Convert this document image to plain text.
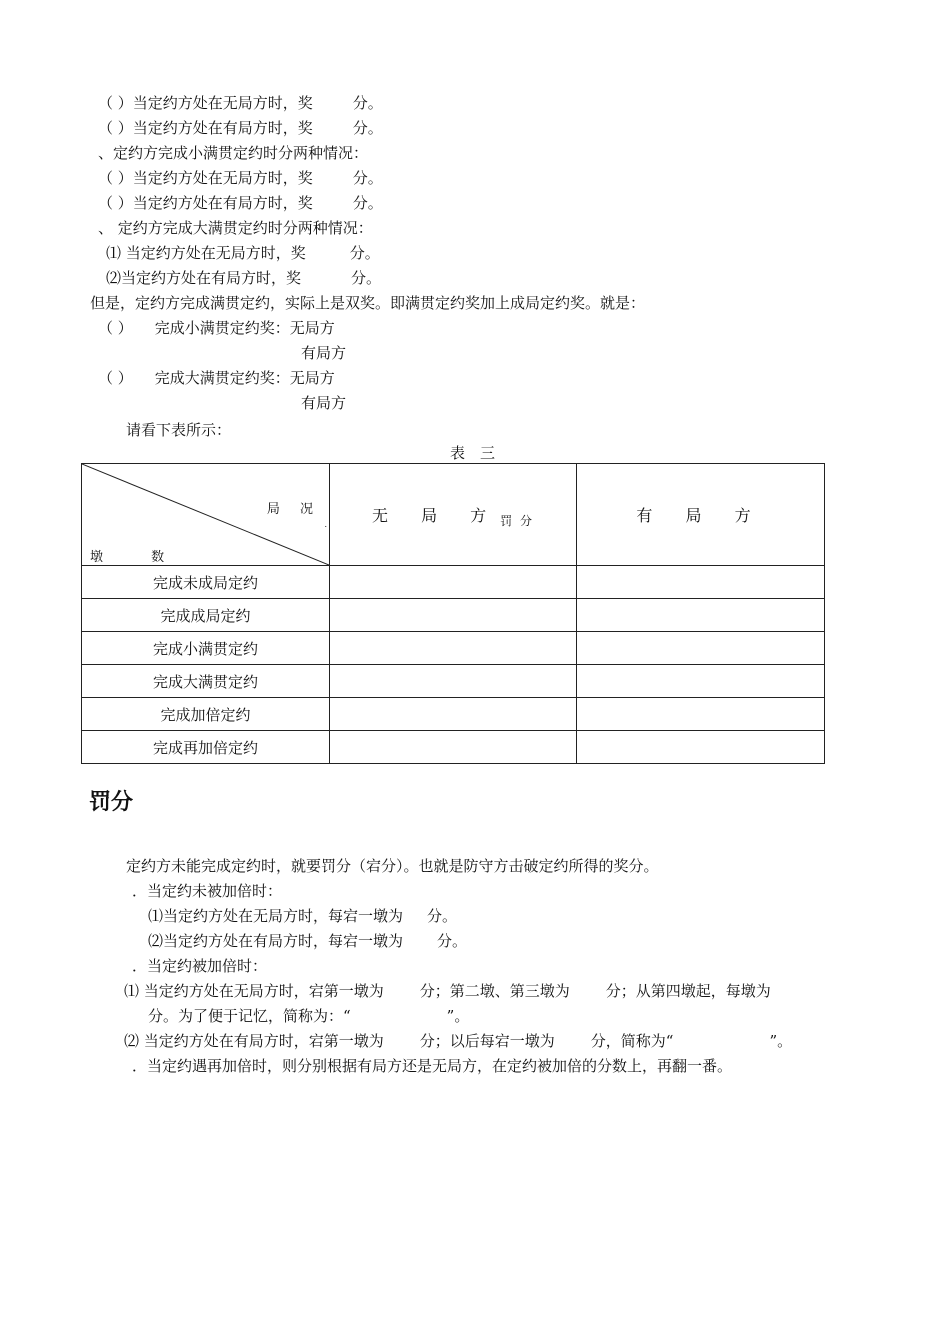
（ ）当定约方处在无局方时，奖	分。
（ ）当定约方处在有局方时，奖	分。
、定约方完成小满贯定约时分两种情况：
（ ）当定约方处在无局方时，奖	分。
（ ）当定约方处在有局方时，奖	分。
、 定约方完成大满贯定约时分两种情况：
⑴ 当定约方处在无局方时，奖	分。
⑵当定约方处在有局方时，奖	分。
但是，定约方完成满贯定约，实际上是双奖。即满贯定约奖加上成局定约奖。就是：
（ ） 完成小满贯定约奖：无局方
有局方
（ ） 完成大满贯定约奖：无局方
有局方
请看下表所示：
表　三
局 况
.
墩 数	无 局 方$_{罚 分}$	有 局 方
完成未成局定约		
完成成局定约		
完成小满贯定约		
完成大满贯定约		
完成加倍定约		
完成再加倍定约		
罚分
定约方未能完成定约时，就要罚分（宕分）。也就是防守方击破定约所得的奖分。
．当定约未被加倍时：
⑴当定约方处在无局方时，每宕一墩为 分。
⑵当定约方处在有局方时，每宕一墩为 分。
．当定约被加倍时：
⑴ 当定约方处在无局方时，宕第一墩为 分；第二墩、第三墩为 分；从第四墩起，每墩为
分。为了便于记忆，简称为：“	”。
⑵ 当定约方处在有局方时，宕第一墩为 分；以后每宕一墩为 分，简称为“	”。
．当定约遇再加倍时，则分别根据有局方还是无局方，在定约被加倍的分数上，再翻一番。
